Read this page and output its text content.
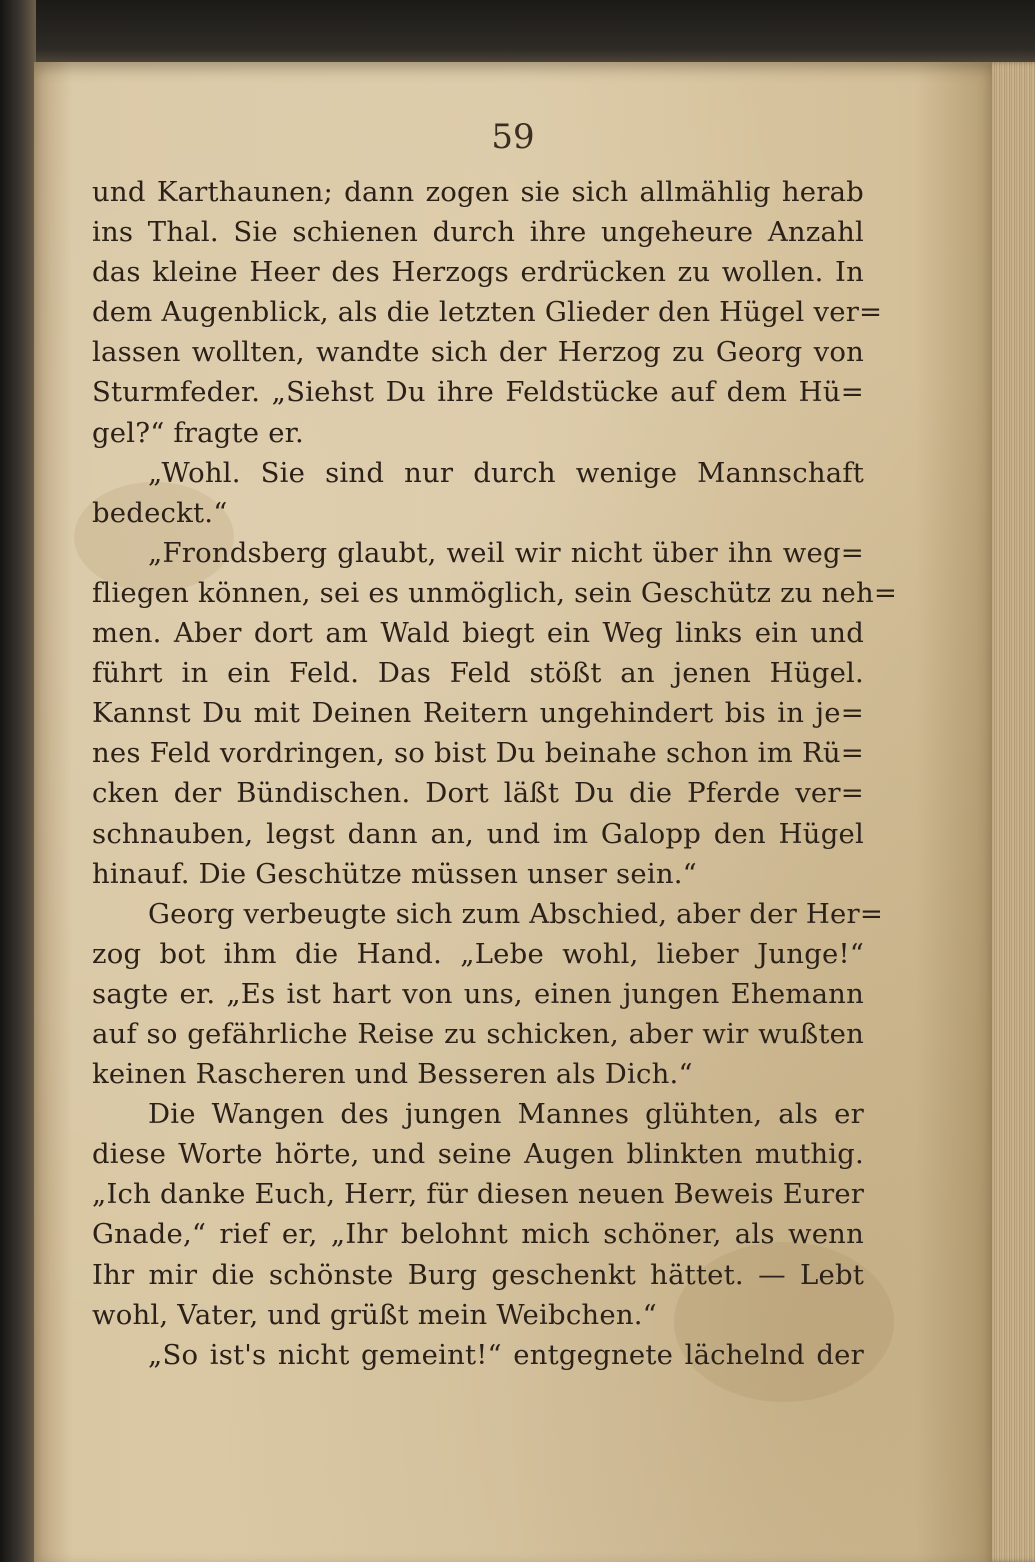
59
und Karthaunen; dann zogen sie sich allmählig herab
ins Thal. Sie schienen durch ihre ungeheure Anzahl
das kleine Heer des Herzogs erdrücken zu wollen. In
dem Augenblick, als die letzten Glieder den Hügel ver=
lassen wollten, wandte sich der Herzog zu Georg von
Sturmfeder. „Siehst Du ihre Feldstücke auf dem Hü=
gel?“ fragte er.
„Wohl. Sie sind nur durch wenige Mannschaft
bedeckt.“
„Frondsberg glaubt, weil wir nicht über ihn weg=
fliegen können, sei es unmöglich, sein Geschütz zu neh=
men. Aber dort am Wald biegt ein Weg links ein und
führt in ein Feld. Das Feld stößt an jenen Hügel.
Kannst Du mit Deinen Reitern ungehindert bis in je=
nes Feld vordringen, so bist Du beinahe schon im Rü=
cken der Bündischen. Dort läßt Du die Pferde ver=
schnauben, legst dann an, und im Galopp den Hügel
hinauf. Die Geschütze müssen unser sein.“
Georg verbeugte sich zum Abschied, aber der Her=
zog bot ihm die Hand. „Lebe wohl, lieber Junge!“
sagte er. „Es ist hart von uns, einen jungen Ehemann
auf so gefährliche Reise zu schicken, aber wir wußten
keinen Rascheren und Besseren als Dich.“
Die Wangen des jungen Mannes glühten, als er
diese Worte hörte, und seine Augen blinkten muthig.
„Ich danke Euch, Herr, für diesen neuen Beweis Eurer
Gnade,“ rief er, „Ihr belohnt mich schöner, als wenn
Ihr mir die schönste Burg geschenkt hättet. — Lebt
wohl, Vater, und grüßt mein Weibchen.“
„So ist's nicht gemeint!“ entgegnete lächelnd der
